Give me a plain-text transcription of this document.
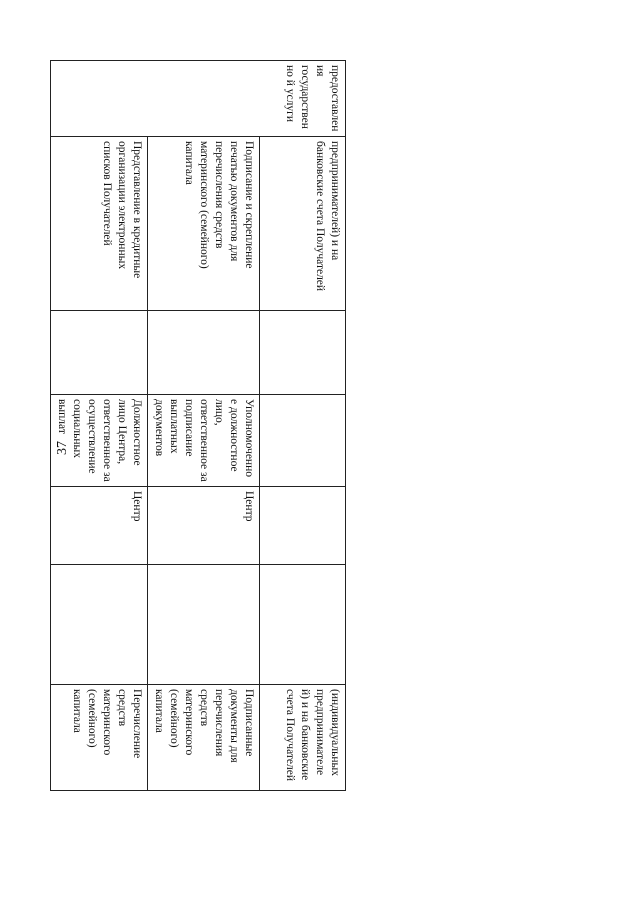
37
предоставления государственно й услуги	предпринимателей) и на банковские счета Получателей					(индивидуальных предпринимателе й) и на банковские счета Получателей

	Подписание и скрепление печатью документов для перечисления средств материнского (семейного) капитала		Уполномоченно е должностное лицо, ответственное за подписание выплатных документов	Центр		Подписанные документы для перечисления средств материнского (семейного) капитала

	Представление в кредитные организации электронных списков Получателей		Должностное лицо Центра, ответственное за осуществление социальных выплат	Центр		Перечисление средств материнского (семейного) капитала
